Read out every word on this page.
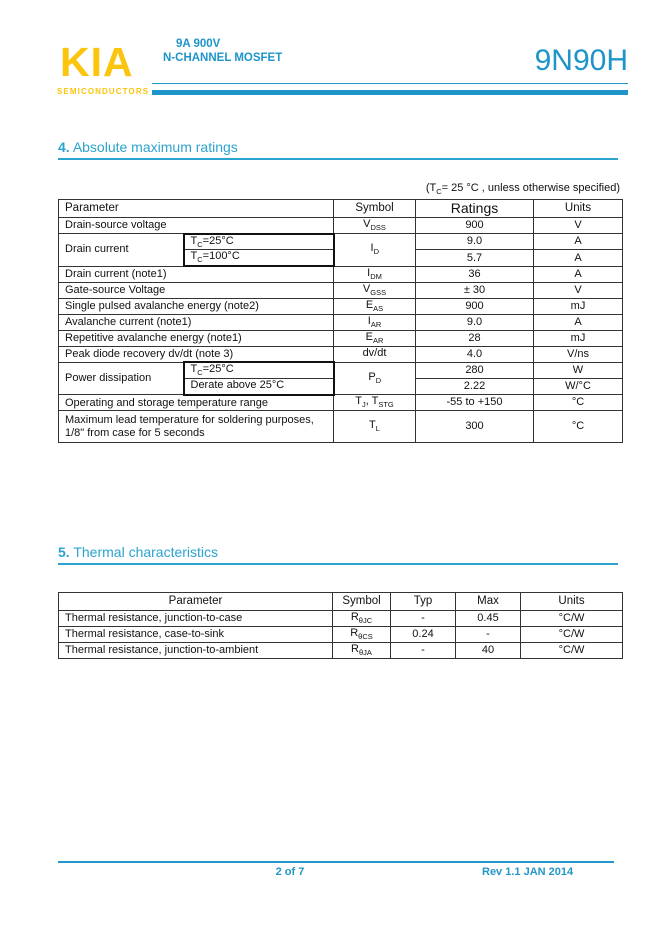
KIA
SEMICONDUCTORS
9A 900V
N-CHANNEL MOSFET	9N90H
4. Absolute maximum ratings
($T_C= 25$ °C , unless otherwise specified)
Parameter		Symbol	Ratings	Units
Drain-source voltage		$V_{DSS}$	900	V
Drain current	$T_C=25^\circ C$	$I_D$	9.0	A
	$T_C=100^\circ C$		5.7	A
Drain current (note1)		$I_{DM}$	36	A
Gate-source Voltage		$V_{GSS}$	± 30	V
Single pulsed avalanche energy (note2)		$E_{AS}$	900	mJ
Avalanche current (note1)		$I_{AR}$	9.0	A
Repetitive avalanche energy (note1)		$E_{AR}$	28	mJ
Peak diode recovery dv/dt (note 3)		dv/dt	4.0	V/ns
Power dissipation	$T_C=25^\circ C$	$P_D$	280	W
	Derate above 25°C		2.22	W/°C
Operating and storage temperature range		$T_J$, $T_{STG}$	-55 to +150	°C

Maximum lead temperature for soldering purposes,
1/8" from case for 5 seconds		$T_L$	300	°C
5. Thermal characteristics
Parameter	Symbol	Typ	Max	Units
Thermal resistance, junction-to-case	$R_{\theta JC}$	-	0.45	°C/W
Thermal resistance, case-to-sink	$R_{\theta CS}$	0.24	-	°C/W
Thermal resistance, junction-to-ambient	$R_{\theta JA}$	-	40	°C/W
2 of 7	Rev 1.1 JAN 2014
